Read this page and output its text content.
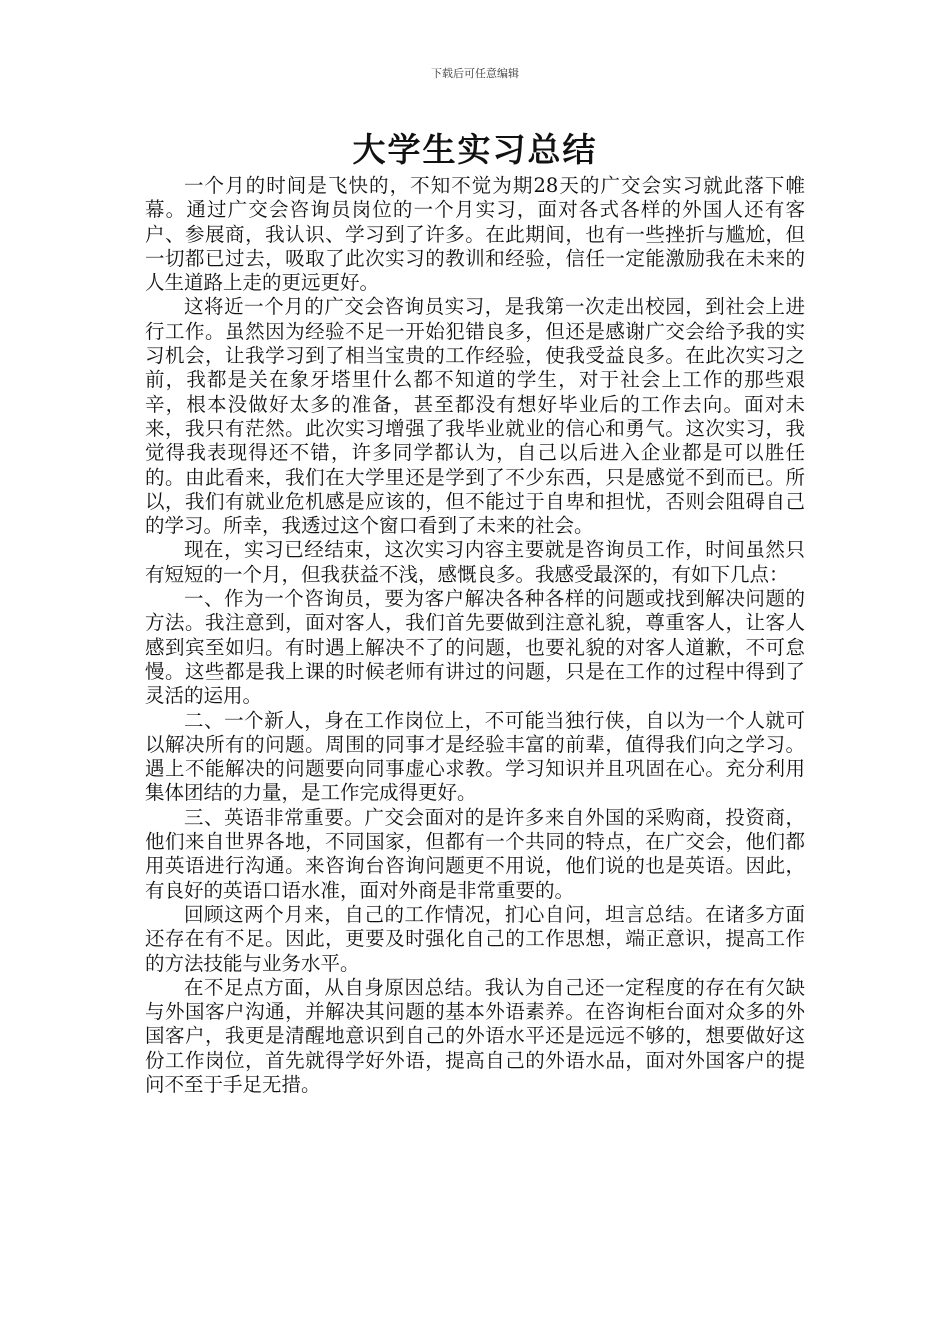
下载后可任意编辑
大学生实习总结

一个月的时间是飞快的，不知不觉为期28天的广交会实习就此落下帷幕。通过广交会咨询员岗位的一个月实习，面对各式各样的外国人还有客户、参展商，我认识、学习到了许多。在此期间，也有一些挫折与尴尬，但一切都已过去，吸取了此次实习的教训和经验，信任一定能激励我在未来的人生道路上走的更远更好。

这将近一个月的广交会咨询员实习，是我第一次走出校园，到社会上进行工作。虽然因为经验不足一开始犯错良多，但还是感谢广交会给予我的实习机会，让我学习到了相当宝贵的工作经验，使我受益良多。在此次实习之前，我都是关在象牙塔里什么都不知道的学生，对于社会上工作的那些艰辛，根本没做好太多的准备，甚至都没有想好毕业后的工作去向。面对未来，我只有茫然。此次实习增强了我毕业就业的信心和勇气。这次实习，我觉得我表现得还不错，许多同学都认为，自己以后进入企业都是可以胜任的。由此看来，我们在大学里还是学到了不少东西，只是感觉不到而已。所以，我们有就业危机感是应该的，但不能过于自卑和担忧，否则会阻碍自己的学习。所幸，我透过这个窗口看到了未来的社会。

现在，实习已经结束，这次实习内容主要就是咨询员工作，时间虽然只有短短的一个月，但我获益不浅，感慨良多。我感受最深的，有如下几点：

一、作为一个咨询员，要为客户解决各种各样的问题或找到解决问题的方法。我注意到，面对客人，我们首先要做到注意礼貌，尊重客人，让客人感到宾至如归。有时遇上解决不了的问题，也要礼貌的对客人道歉，不可怠慢。这些都是我上课的时候老师有讲过的问题，只是在工作的过程中得到了灵活的运用。

二、一个新人，身在工作岗位上，不可能当独行侠，自以为一个人就可以解决所有的问题。周围的同事才是经验丰富的前辈，值得我们向之学习。遇上不能解决的问题要向同事虚心求教。学习知识并且巩固在心。充分利用集体团结的力量，是工作完成得更好。

三、英语非常重要。广交会面对的是许多来自外国的采购商，投资商，他们来自世界各地，不同国家，但都有一个共同的特点，在广交会，他们都用英语进行沟通。来咨询台咨询问题更不用说，他们说的也是英语。因此，有良好的英语口语水准，面对外商是非常重要的。

回顾这两个月来，自己的工作情况，扪心自问，坦言总结。在诸多方面还存在有不足。因此，更要及时强化自己的工作思想，端正意识，提高工作的方法技能与业务水平。

在不足点方面，从自身原因总结。我认为自己还一定程度的存在有欠缺与外国客户沟通，并解决其问题的基本外语素养。在咨询柜台面对众多的外国客户，我更是清醒地意识到自己的外语水平还是远远不够的，想要做好这份工作岗位，首先就得学好外语，提高自己的外语水品，面对外国客户的提问不至于手足无措。
